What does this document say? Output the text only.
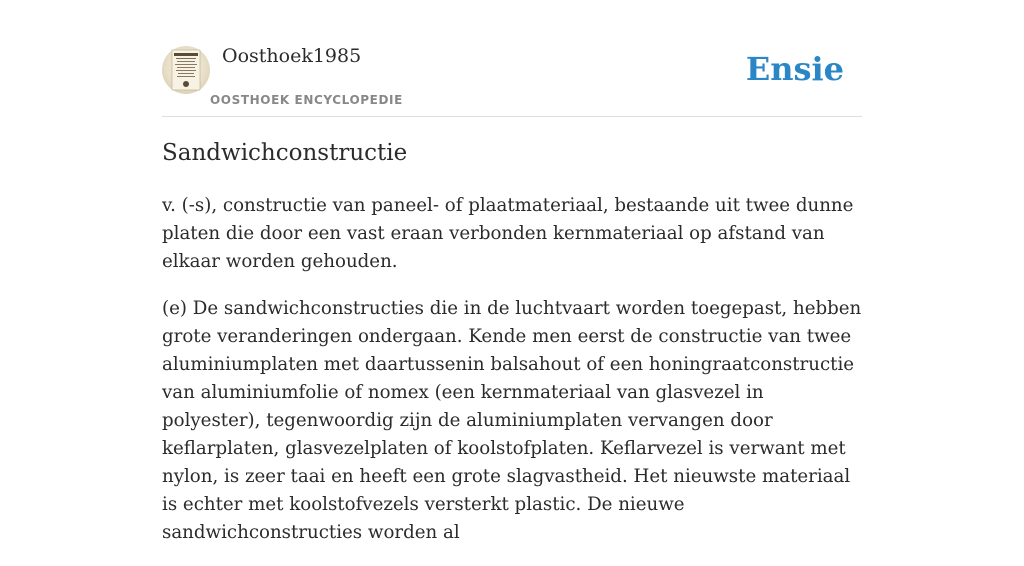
Oosthoek1985
OOSTHOEK ENCYCLOPEDIE
Ensie
Sandwichconstructie

v. (-s), constructie van paneel- of plaatmateriaal, bestaande uit twee dunne platen die door een vast eraan verbonden kernmateriaal op afstand van elkaar worden gehouden.

(e) De sandwichconstructies die in de luchtvaart worden toegepast, hebben grote veranderingen ondergaan. Kende men eerst de constructie van twee aluminiumplaten met daartussenin balsahout of een honingraatconstructie van aluminiumfolie of nomex (een kernmateriaal van glasvezel in polyester), tegenwoordig zijn de aluminiumplaten vervangen door keflarplaten, glasvezelplaten of koolstofplaten. Keflarvezel is verwant met nylon, is zeer taai en heeft een grote slagvastheid. Het nieuwste materiaal is echter met koolstofvezels versterkt plastic. De nieuwe sandwichconstructies worden al
